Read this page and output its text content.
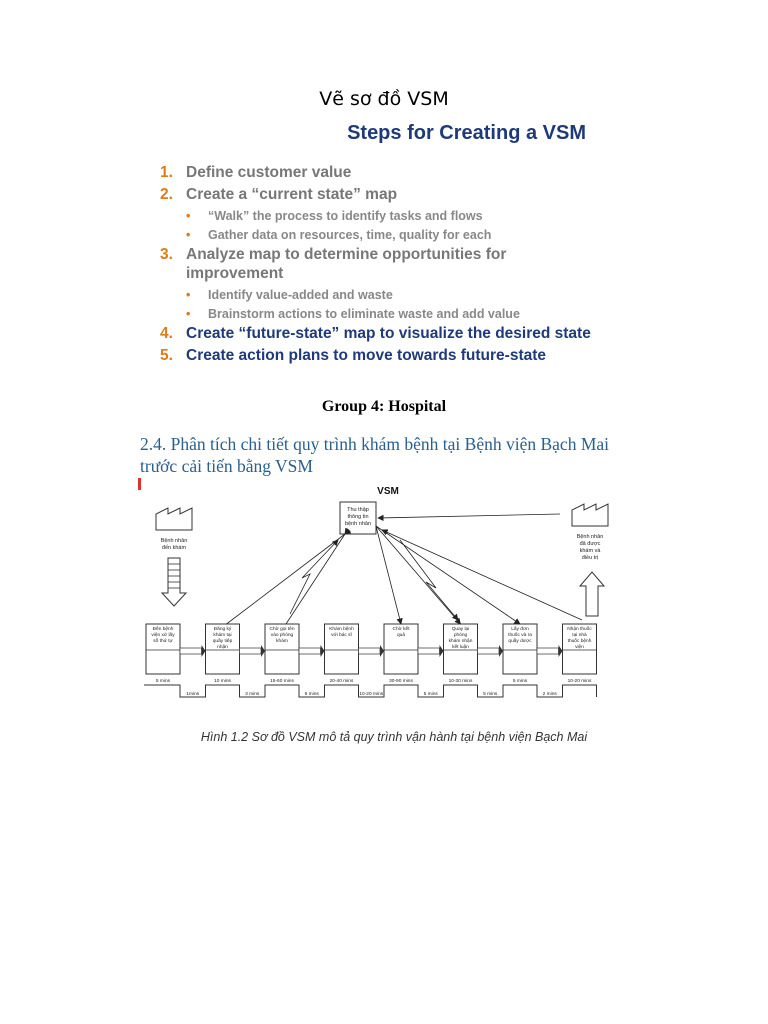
Vẽ sơ đồ VSM
Steps for Creating a VSM
1. Define customer value
2. Create a “current state” map
• “Walk” the process to identify tasks and flows
• Gather data on resources, time, quality for each
3. Analyze map to determine opportunities for improvement
• Identify value-added and waste
• Brainstorm actions to eliminate waste and add value
4. Create “future-state” map to visualize the desired state
5. Create action plans to move towards future-state
Group 4: Hospital
2.4. Phân tích chi tiết quy trình khám bệnh tại Bệnh viện Bạch Mai trước cải tiến bằng VSM
VSM
Thu thập
thông tin
bệnh nhân
Bệnh nhân
đến khám
Bệnh nhân
đã được
khám và
điều trị
Đến bệnh
viện xử lấy
số thứ tự
Đăng ký
khám tại
quầy tiếp
nhận
Chờ gọi tên
vào phòng
khám
Khám bệnh
với bác sĩ
Chờ kết
quả
Quay lại
phòng
khám nhận
kết luận
Lấy đơn
thuốc và ra
quầy dược
Nhận thuốc
tại nhà
thuốc bệnh
viện
5 mins	10 mins	15-60 mins	20-40 mins	30-90 mins	10-30 mins	5 mins	10-20 mins
1mins	3 mins	5 mins	10-20 mins	5 mins	5 mins	2 mins
Hình 1.2 Sơ đồ VSM mô tả quy trình vận hành tại bệnh viện Bạch Mai
